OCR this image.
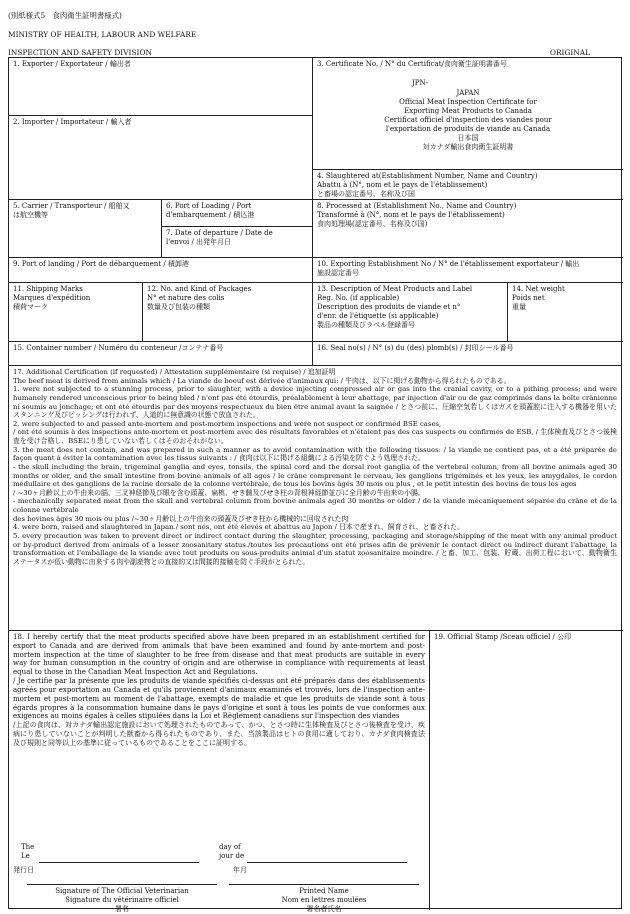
(別紙様式5　食肉衛生証明書様式)
MINISTRY OF HEALTH, LABOUR AND WELFARE
INSPECTION AND SAFETY DIVISION	ORIGINAL
1. Exporter / Exportateur / 輸出者
2. Importer / Importateur / 輸入者
3. Certificate No. / N° du Certificat/食肉衛生証明書番号
JPN-
JAPAN
Official Meat Inspection Certificate for
Exporting Meat Products to Canada
Certificat officiel d'inspection des viandes pour
l'exportation de produits de viande au Canada
日本国
対カナダ輸出食肉衛生証明書
4. Slaughtered at(Establishment Number, Name and Country)
Abattu à (N°, nom et le pays de l'établissement)
と畜場の認定番号、名称及び国
5. Carrier / Transporteur / 船舶又
は航空機等
6. Port of Loading / Port
d'embarquement / 積込港
7. Date of departure / Date de
l'envoi / 出発年月日
8. Processed at (Establishment No., Name and Country)
Transformé à (N°, nom et le pays de l'établissement)
食肉処理場(認定番号、名称及び国)
9. Port of landing / Port de débarquement / 積卸港	10. Exporting Establishment No / N° de l'établissement exportateur / 輸出
施設認定番号
11. Shipping Marks
Marques d'expédition
積荷マーク
12. No. and Kind of Packages
N° et nature des colis
数量及び包装の種類
13. Description of Meat Products and Label
Reg. No. (if applicable)
Description des produits de viande et n°
d'enr. de l'étiquette (si applicable)
製品の種類及びラベル登録番号
14. Net weight
Poids net
重量
15. Container number / Numéro du conteneur /コンテナ番号	16. Seal no(s) / N° (s) du (des) plomb(s) / 封印シール番号
17. Additional Certification (if requested) / Attestation supplémentaire (si requise) / 追加証明
The beef meat is derived from animals which / La viande de boeuf est dérivée d'animaux qui: / 牛肉は、以下に掲げる動物から得られたものである。
1. were not subjected to a stunning process, prior to slaughter, with a device injecting compressed air or gas into the cranial cavity, or to a pithing process; and were humanely rendered unconscious prior to being bled / n'ont pas été étourdis, préalablement à leur abattage, par injection d'air ou de gaz comprimés dans la boîte crânienne ni soumis au jonchage; et ont été étourdis par des moyens respectueux du bien être animal avant la saignée / とさつ前に、圧縮空気若しくはガスを頭蓋腔に注入する機器を用いたスタンニング及びピッシングは行われず、人道的に無意識の状態で放血された。
2. were subjected to and passed ante-mortem and post-mortem inspections and were not suspect or confirmed BSE cases,
/ ont été soumis à des inspections ante-mortem et post-mortem avec des résultats favorables et n'étaient pas des cas suspects ou confirmés de ESB, / 生体検査及びとさつ後検査を受け合格し、BSEにり患していない若しくはそのおそれがない。
3. the meat does not contain, and was prepared in such a manner as to avoid contamination with the following tissues: / la viande ne contient pas, et a été préparée de façon quant à éviter la contamination avec les tissus suivants : / 食肉は以下に掲げる組織による汚染を防ぐよう処理された。
- the skull including the brain, trigeminal ganglia and eyes, tonsils, the spinal cord and the dorsal root ganglia of the vertebral column, from all bovine animals aged 30 months or older, and the small intestine from bovine animals of all ages / le crâne comprenant le cerveau, les ganglions trigéminés et les yeux, les amygdales, le cordon médullaire et des ganglions de la racine dorsale de la colonne vertébrale, de tous les bovins âgés 30 mois ou plus , et le petit intestin des bovins de tous les ages
/ ~30ヶ月齢以上の牛由来の脳、三叉神経節及び眼を含む頭蓋、扁桃、せき髄及びせき柱の背根神経節並びに全月齢の牛由来の小腸。
- mechanically separated meat from the skull and vertebral column from bovine animals aged 30 months or older / de la viande mécaniquement séparée du crâne et de la colonne vertébrale
des bovines âgés 30 mois ou plus /~30ヶ月齢以上の牛由来の頭蓋及びせき柱から機械的に回収された肉
4. were born, raised and slaughtered in Japan./ sont nés, ont été élevés et abattus au Japon / 日本で産まれ、飼育され、と畜された。
5. every precaution was taken to prevent direct or indirect contact during the slaughter, processing, packaging and storage/shipping of the meat with any animal product or by-product derived from animals of a lesser zoosanitary status./toutes les précautions ont été prises afin de prévenir le contact direct ou indirect durant l'abattage, la transformation et l'emballage de la viande avec tout produits ou sous-produits animal d'un statut zoosanitaire moindre. / と畜、加工、包装、貯蔵、出荷工程において、動物衛生ステータスが低い動物に由来する肉や副産物との直接的又は間接的接触を防ぐ手段がとられた。
18. I hereby certify that the meat products specified above have been prepared in an establishment certified for export to Canada and are derived from animals that have been examined and found by ante-mortem and post-mortem inspection at the time of slaughter to be free from disease and that meat products are suitable in every way for human consumption in the country of origin and are otherwise in compliance with requirements at least equal to those in the Canadian Meat Inspection Act and Regulations.
/ Je certifie par la présente que les produits de viande spécifiés ci-dessus ont été préparés dans des établissements agréés pour exportation au Canada et qu'ils proviennent d'animaux examinés et trouvés, lors de l'inspection ante-mortem et post-mortem au moment de l'abattage, exempts de maladie et que les produits de viande sont à tous égards propres à la consommation humaine dans le pays d'origine et sont à tous les points de vue conformes aux exigences au moins égales à celles stipulées dans la Loi et Règlement canadiens sur l'inspection des viandes
/上記の食肉は、対カナダ輸出認定施設において処理されたものであって、かつ、とさつ時に生体検査及びとさつ後検査を受け、疾病にり患していないことが判明した獣畜から得られたものであり、また、当該製品はヒトの食用に適しており、カナダ食肉検査法及び規則と同等以上の基準に従っているものであることをここに証明する。
The
Le
day of
jour de
発行日	年月
Signature of The Official Veterinarian
Signature du vétérinaire officiel
署名
Printed Name
Nom en lettres moulées
署名者氏名
19. Official Stamp /Sceau officiel / 公印
